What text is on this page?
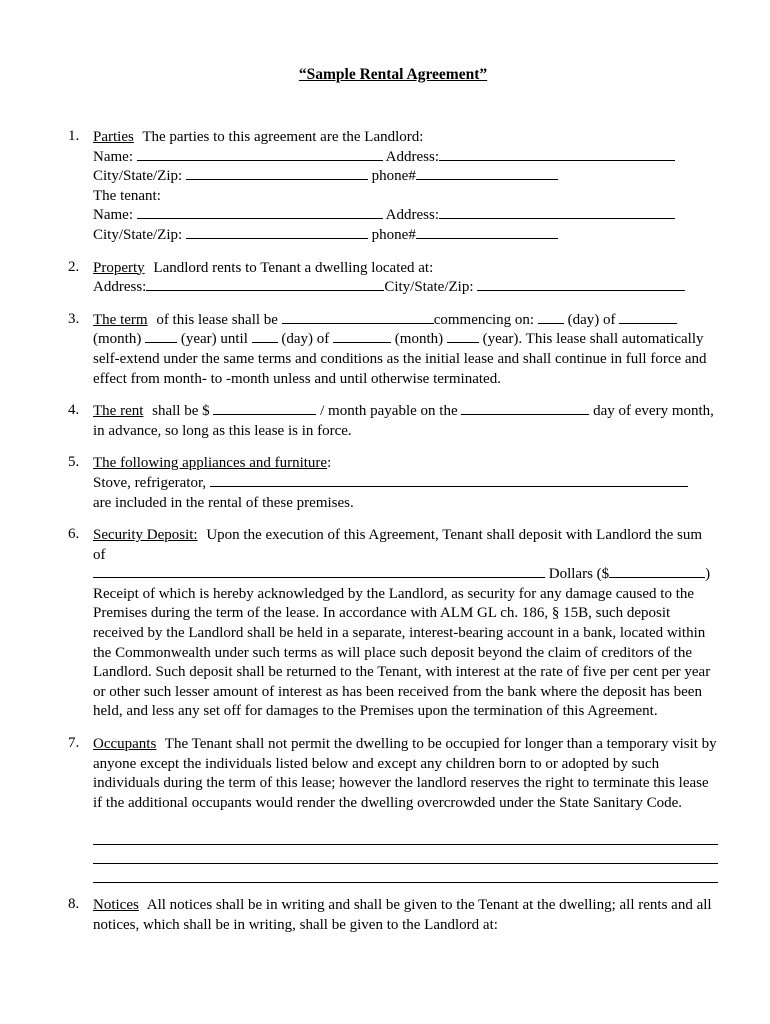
“Sample Rental Agreement”
1. Parties The parties to this agreement are the Landlord:
Name:	Address:
City/State/Zip:	phone#
The tenant:
Name:	Address:
City/State/Zip:	phone#
2. Property Landlord rents to Tenant a dwelling located at:
Address:	City/State/Zip:
3. The term of this lease shall be	commencing on: (day) of  (month)	(year) until (day) of	(month)	(year). This lease shall automatically self-extend under the same terms and conditions as the initial lease and shall continue in full force and effect from month- to -month unless and until otherwise terminated.

4. The rent shall be $	/ month payable on the	day of every month, in advance, so long as this lease is in force.

5. The following appliances and furniture:
Stove, refrigerator,
are included in the rental of these premises.
6. Security Deposit: Upon the execution of this Agreement, Tenant shall deposit with Landlord the sum of

Dollars ($	)

Receipt of which is hereby acknowledged by the Landlord, as security for any damage caused to the Premises during the term of the lease. In accordance with ALM GL ch. 186, § 15B, such deposit received by the Landlord shall be held in a separate, interest-bearing account in a bank, located within the Commonwealth under such terms as will place such deposit beyond the claim of creditors of the Landlord. Such deposit shall be returned to the Tenant, with interest at the rate of five per cent per year or other such lesser amount of interest as has been received from the bank where the deposit has been held, and less any set off for damages to the Premises upon the termination of this Agreement.

7. Occupants The Tenant shall not permit the dwelling to be occupied for longer than a temporary visit by anyone except the individuals listed below and except any children born to or adopted by such individuals during the term of this lease; however the landlord reserves the right to terminate this lease if the additional occupants would render the dwelling overcrowded under the State Sanitary Code.

8. Notices All notices shall be in writing and shall be given to the Tenant at the dwelling; all rents and all notices, which shall be in writing, shall be given to the Landlord at:
